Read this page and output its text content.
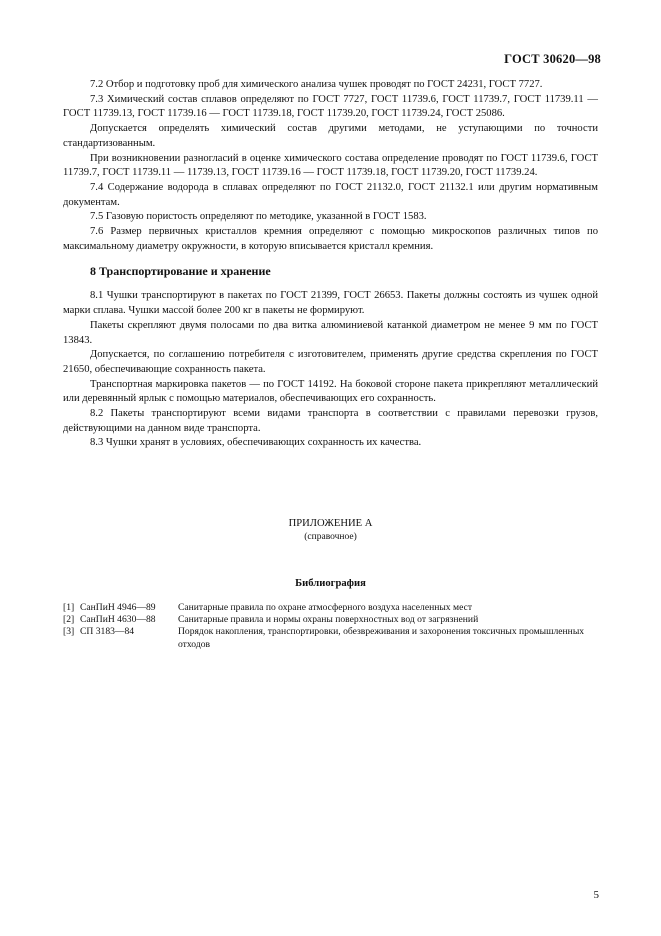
ГОСТ 30620—98

7.2 Отбор и подготовку проб для химического анализа чушек проводят по ГОСТ 24231, ГОСТ 7727.

7.3 Химический состав сплавов определяют по ГОСТ 7727, ГОСТ 11739.6, ГОСТ 11739.7, ГОСТ 11739.11 — ГОСТ 11739.13, ГОСТ 11739.16 — ГОСТ 11739.18, ГОСТ 11739.20, ГОСТ 11739.24, ГОСТ 25086.

Допускается определять химический состав другими методами, не уступающими по точности стандартизованным.

При возникновении разногласий в оценке химического состава определение проводят по ГОСТ 11739.6, ГОСТ 11739.7, ГОСТ 11739.11 — 11739.13, ГОСТ 11739.16 — ГОСТ 11739.18, ГОСТ 11739.20, ГОСТ 11739.24.

7.4 Содержание водорода в сплавах определяют по ГОСТ 21132.0, ГОСТ 21132.1 или другим нормативным документам.

7.5 Газовую пористость определяют по методике, указанной в ГОСТ 1583.

7.6 Размер первичных кристаллов кремния определяют с помощью микроскопов различных типов по максимальному диаметру окружности, в которую вписывается кристалл кремния.

8 Транспортирование и хранение

8.1 Чушки транспортируют в пакетах по ГОСТ 21399, ГОСТ 26653. Пакеты должны состоять из чушек одной марки сплава. Чушки массой более 200 кг в пакеты не формируют.

Пакеты скрепляют двумя полосами по два витка алюминиевой катанкой диаметром не менее 9 мм по ГОСТ 13843.

Допускается, по соглашению потребителя с изготовителем, применять другие средства скрепления по ГОСТ 21650, обеспечивающие сохранность пакета.

Транспортная маркировка пакетов — по ГОСТ 14192. На боковой стороне пакета прикрепляют металлический или деревянный ярлык с помощью материалов, обеспечивающих его сохранность.

8.2 Пакеты транспортируют всеми видами транспорта в соответствии с правилами перевозки грузов, действующими на данном виде транспорта.

8.3 Чушки хранят в условиях, обеспечивающих сохранность их качества.

ПРИЛОЖЕНИЕ А
(справочное)
Библиография
[1] СанПиН 4946—89	Санитарные правила по охране атмосферного воздуха населенных мест
[2] СанПиН 4630—88	Санитарные правила и нормы охраны поверхностных вод от загрязнений
[3] СП 3183—84	Порядок накопления, транспортировки, обезвреживания и захоронения токсичных промышленных отходов
5
